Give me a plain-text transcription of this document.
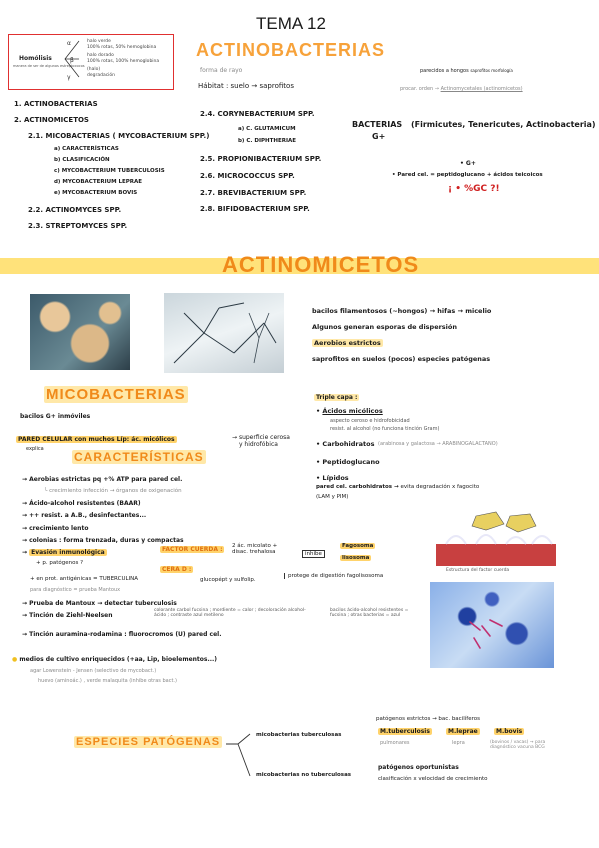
TEMA 12
Homólisis
manera de ser de algunos estreptococos
halo verde
100% rotas, 50% hemoglobina
halo dorado
100% rotas, 100% hemoglobina
(halo)
degradación
α
β
γ
ACTINOBACTERIAS
forma de rayo
Hábitat : suelo → saprofitos
parecidos a hongos saprofitos morfología
procar. orden → Actinomycetales (actinomicetos)
1. ACTINOBACTERIAS
2. ACTINOMICETOS
2.1. MICOBACTERIAS ( MYCOBACTERIUM SPP.)
a) CARACTERÍSTICAS
b) CLASIFICACIÓN
c) MYCOBACTERIUM TUBERCULOSIS
d) MYCOBACTERIUM LEPRAE
e) MYCOBACTERIUM BOVIS
2.2. ACTINOMYCES SPP.
2.3. STREPTOMYCES SPP.
2.4. CORYNEBACTERIUM SPP.
a) C. GLUTAMICUM
b) C. DIPHTHERIAE
2.5. PROPIONIBACTERIUM SPP.
2.6. MICROCOCCUS SPP.
2.7. BREVIBACTERIUM SPP.
2.8. BIFIDOBACTERIUM SPP.
BACTERIAS (Firmicutes, Tenericutes, Actinobacteria)
G+
• G+
• Pared cel. = peptidoglucano + ácidos teicoicos
¡ • %GC ?!
ACTINOMICETOS
bacilos filamentosos (~hongos) → hifas → micelio
Algunos generan esporas de dispersión
Aerobios estrictos
saprofitos en suelos (pocos) especies patógenas
MICOBACTERIAS
bacilos G+ inmóviles
PARED CELULAR con muchos Líp: ác. micólicos	→ superficie cerosa y hidrofóbica
explica
CARACTERÍSTICAS
→ Aerobias estrictas pq +% ATP para pared cel.
└ crecimiento infección → órganos de oxigenación
→ Ácido-alcohol resistentes (BAAR)
→ ++ resist. a A.B., desinfectantes...
→ crecimiento lento
→ colonias : forma trenzada, duras y compactas
→ Evasión inmunológica
+ p. patógenos ?
FACTOR CUERDA :
CERA D :
+ en prot. antigénicas = TUBERCULINA
para diagnóstico = prueba Mantoux
→ Prueba de Mantoux → detectar tuberculosis
→ Tinción de Ziehl-Neelsen
→ Tinción auramina-rodamina : fluorocromos (U) pared cel.
2 ác. micolato + disac. trehalosa	inhibe
Fagosoma
lisosoma
glucopépt y sulfolip.
protege de digestión fagolisosoma
colorante carbol fucsina ; mordiente = calor ; decoloración alcohol-ácido ; contraste azul metileno
bacilos ácido-alcohol resistentes = fucsina ; otras bacterias = azul
● medios de cultivo enriquecidos (+aa, Lip, bioelementos...)
agar Lowenstein - Jensen (selectivo de mycobact.)
huevo (aminoác.) , verde malaquita (inhibe otras bact.)
Triple capa :
• Ácidos micólicos
aspecto ceroso e hidrofobicidad
resist. al alcohol (no funciona tinción Gram)
• Carbohidratos (arabinosa y galactosa → ARABINOGALACTANO)
• Peptidoglucano
• Lípidos
pared cel. carbohidratos → evita degradación x fagocito
(LAM y PIM)
Estructura del factor cuerda
ESPECIES PATÓGENAS
micobacterias tuberculosas
patógenos estrictos → bac. bacilíferos
M.tuberculosis	M.leprae	M.bovis
pulmonares	lepra	(bovinos / vacas) → para diagnóstico vacuna BCG
micobacterias no tuberculosas
patógenos oportunistas
clasificación x velocidad de crecimiento
